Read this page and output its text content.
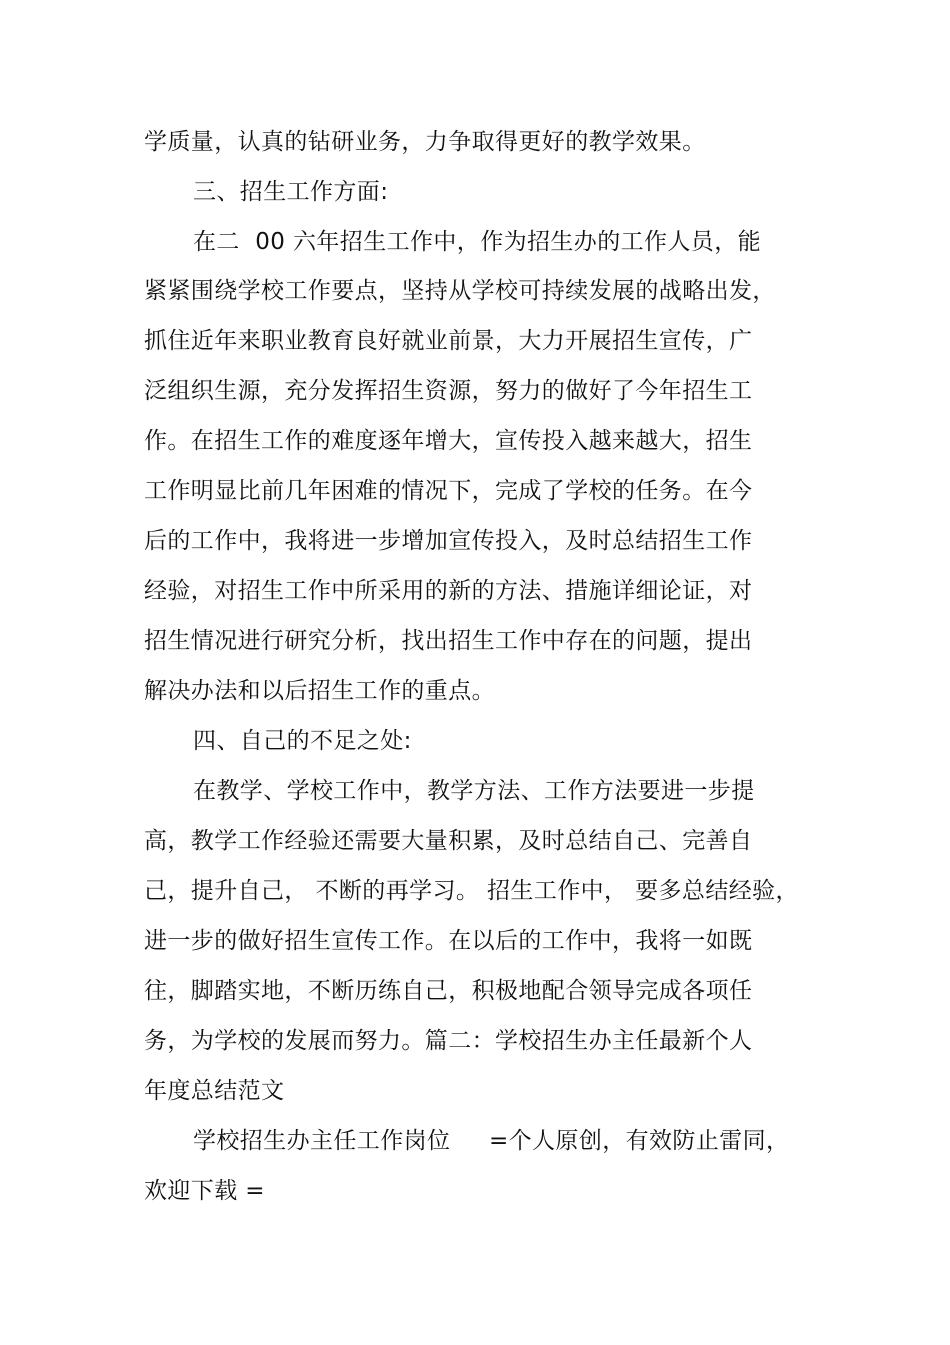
学质量，认真的钻研业务，力争取得更好的教学效果。
三、招生工作方面:
在二  00 六年招生工作中，作为招生办的工作人员，能
紧紧围绕学校工作要点，坚持从学校可持续发展的战略出发，
抓住近年来职业教育良好就业前景，大力开展招生宣传，广
泛组织生源，充分发挥招生资源，努力的做好了今年招生工
作。在招生工作的难度逐年增大，宣传投入越来越大，招生
工作明显比前几年困难的情况下，完成了学校的任务。在今
后的工作中，我将进一步增加宣传投入，及时总结招生工作
经验，对招生工作中所采用的新的方法、措施详细论证，对
招生情况进行研究分析，找出招生工作中存在的问题，提出
解决办法和以后招生工作的重点。
四、自己的不足之处:
在教学、学校工作中，教学方法、工作方法要进一步提
高，教学工作经验还需要大量积累，及时总结自己、完善自
己，提升自己， 不断的再学习。 招生工作中， 要多总结经验，
进一步的做好招生宣传工作。在以后的工作中，我将一如既
往，脚踏实地，不断历练自己，积极地配合领导完成各项任
务，为学校的发展而努力。篇二：学校招生办主任最新个人
年度总结范文
学校招生办主任工作岗位     =个人原创，有效防止雷同，
欢迎下载 =
